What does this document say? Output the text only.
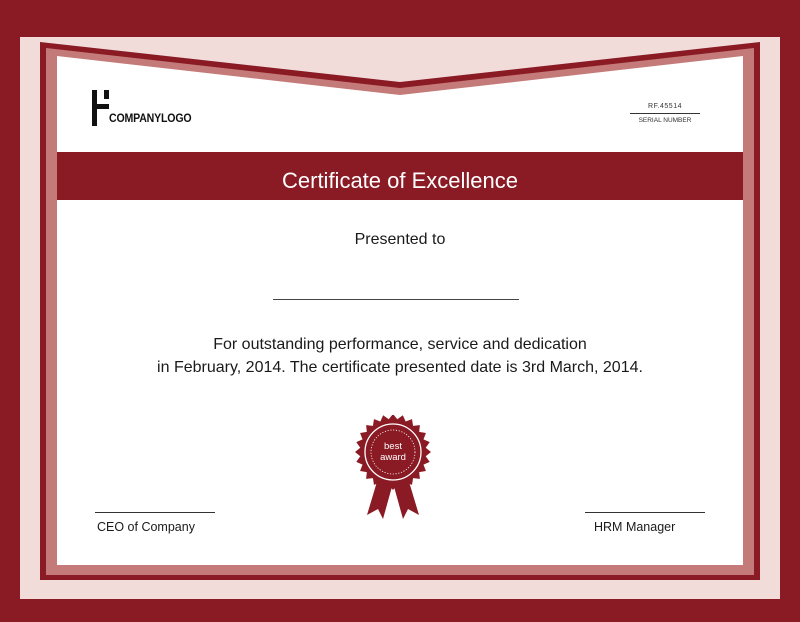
COMPANYLOGO
RF.45514
SERIAL NUMBER
Certificate of Excellence
Presented to
For outstanding performance, service and dedication
in February, 2014. The certificate presented date is 3rd March, 2014.
best
award
CEO of Company	HRM Manager
